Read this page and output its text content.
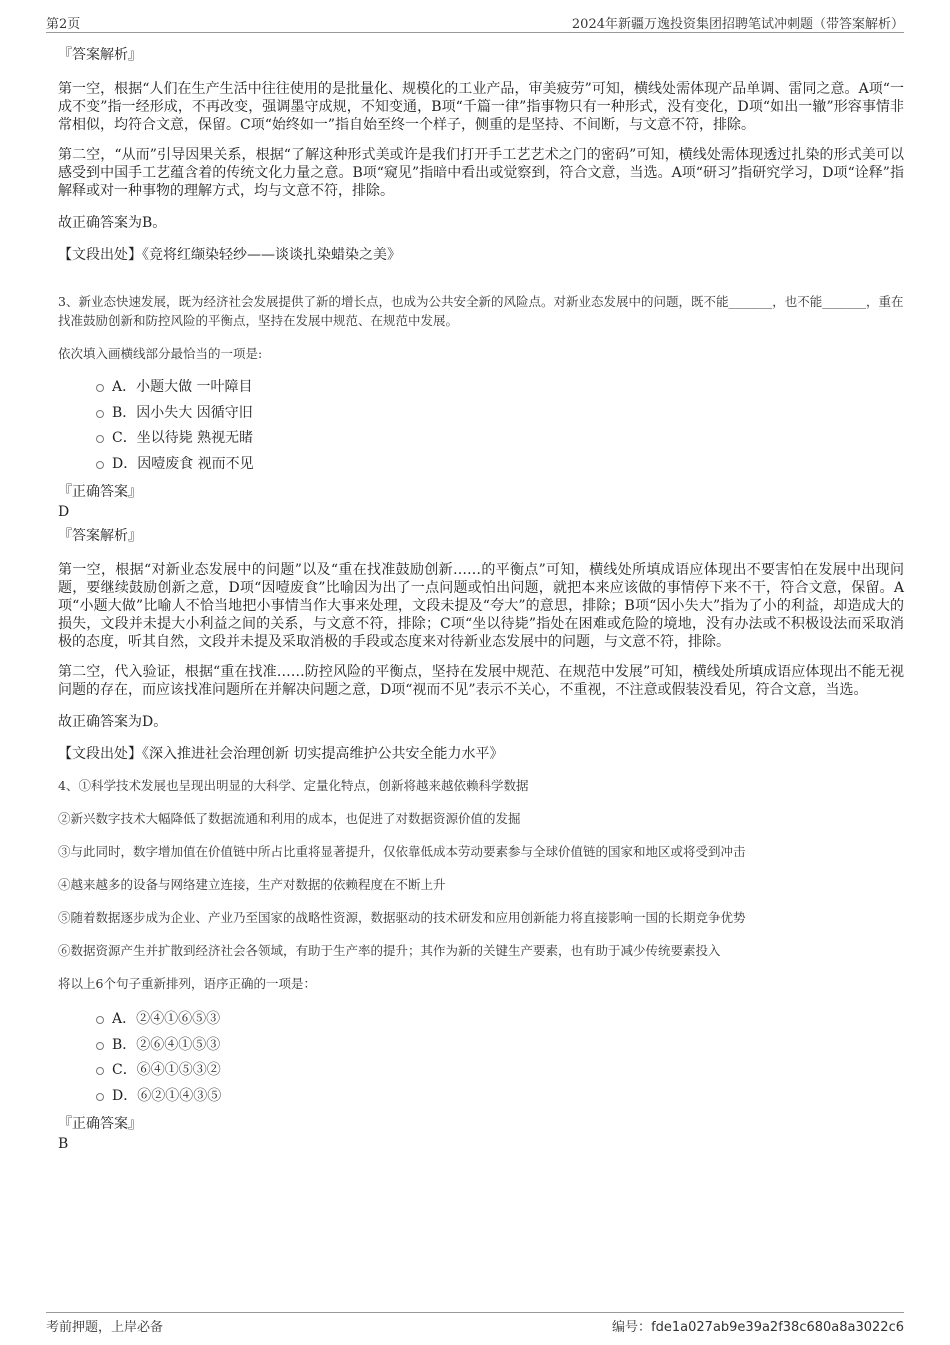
第2页	2024年新疆万逸投资集团招聘笔试冲刺题（带答案解析）
『答案解析』

第一空，根据“人们在生产生活中往往使用的是批量化、规模化的工业产品，审美疲劳”可知，横线处需体现产品单调、雷同之意。A项“一成不变”指一经形成，不再改变，强调墨守成规，不知变通，B项“千篇一律”指事物只有一种形式，没有变化，D项“如出一辙”形容事情非常相似，均符合文意，保留。C项“始终如一”指自始至终一个样子，侧重的是坚持、不间断，与文意不符，排除。

第二空，“从而”引导因果关系，根据“了解这种形式美或许是我们打开手工艺艺术之门的密码”可知，横线处需体现透过扎染的形式美可以感受到中国手工艺蕴含着的传统文化力量之意。B项“窥见”指暗中看出或觉察到，符合文意，当选。A项“研习”指研究学习，D项“诠释”指解释或对一种事物的理解方式，均与文意不符，排除。

故正确答案为B。

【文段出处】《竞将红缬染轻纱——谈谈扎染蜡染之美》

3、新业态快速发展，既为经济社会发展提供了新的增长点，也成为公共安全新的风险点。对新业态发展中的问题，既不能_______，也不能_______，重在找准鼓励创新和防控风险的平衡点，坚持在发展中规范、在规范中发展。

依次填入画横线部分最恰当的一项是:

A．小题大做 一叶障目
B．因小失大 因循守旧
C．坐以待毙 熟视无睹
D．因噎废食 视而不见
『正确答案』
D
『答案解析』

第一空，根据“对新业态发展中的问题”以及“重在找准鼓励创新……的平衡点”可知，横线处所填成语应体现出不要害怕在发展中出现问题，要继续鼓励创新之意，D项“因噎废食”比喻因为出了一点问题或怕出问题，就把本来应该做的事情停下来不干，符合文意，保留。A项“小题大做”比喻人不恰当地把小事情当作大事来处理，文段未提及“夸大”的意思，排除；B项“因小失大”指为了小的利益，却造成大的损失，文段并未提大小利益之间的关系，与文意不符，排除；C项“坐以待毙”指处在困难或危险的境地，没有办法或不积极设法而采取消极的态度，听其自然，文段并未提及采取消极的手段或态度来对待新业态发展中的问题，与文意不符，排除。

第二空，代入验证，根据“重在找准……防控风险的平衡点，坚持在发展中规范、在规范中发展”可知，横线处所填成语应体现出不能无视问题的存在，而应该找准问题所在并解决问题之意，D项“视而不见”表示不关心，不重视，不注意或假装没看见，符合文意，当选。

故正确答案为D。

【文段出处】《深入推进社会治理创新 切实提高维护公共安全能力水平》

4、①科学技术发展也呈现出明显的大科学、定量化特点，创新将越来越依赖科学数据

②新兴数字技术大幅降低了数据流通和利用的成本，也促进了对数据资源价值的发掘

③与此同时，数字增加值在价值链中所占比重将显著提升，仅依靠低成本劳动要素参与全球价值链的国家和地区或将受到冲击

④越来越多的设备与网络建立连接，生产对数据的依赖程度在不断上升

⑤随着数据逐步成为企业、产业乃至国家的战略性资源，数据驱动的技术研发和应用创新能力将直接影响一国的长期竞争优势

⑥数据资源产生并扩散到经济社会各领域，有助于生产率的提升；其作为新的关键生产要素，也有助于减少传统要素投入

将以上6个句子重新排列，语序正确的一项是：

A．②④①⑥⑤③
B．②⑥④①⑤③
C．⑥④①⑤③②
D．⑥②①④③⑤
『正确答案』
B
考前押题，上岸必备	编号：fde1a027ab9e39a2f38c680a8a3022c6
